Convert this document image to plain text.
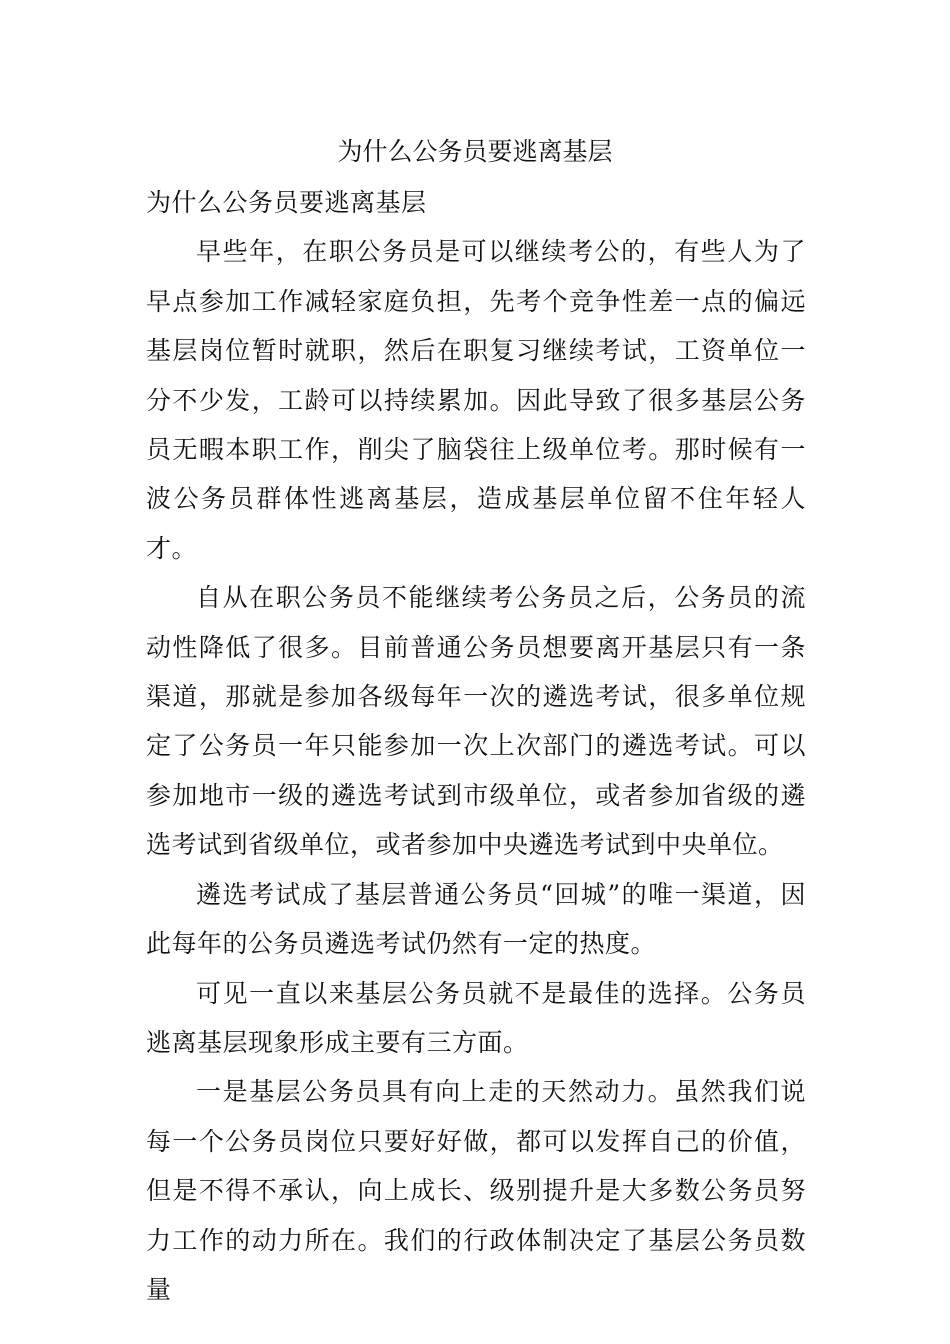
为什么公务员要逃离基层

为什么公务员要逃离基层

早些年，在职公务员是可以继续考公的，有些人为了早点参加工作减轻家庭负担，先考个竞争性差一点的偏远基层岗位暂时就职，然后在职复习继续考试，工资单位一分不少发，工龄可以持续累加。因此导致了很多基层公务员无暇本职工作，削尖了脑袋往上级单位考。那时候有一波公务员群体性逃离基层，造成基层单位留不住年轻人才。

自从在职公务员不能继续考公务员之后，公务员的流动性降低了很多。目前普通公务员想要离开基层只有一条渠道，那就是参加各级每年一次的遴选考试，很多单位规定了公务员一年只能参加一次上次部门的遴选考试。可以参加地市一级的遴选考试到市级单位，或者参加省级的遴选考试到省级单位，或者参加中央遴选考试到中央单位。

遴选考试成了基层普通公务员“回城”的唯一渠道，因此每年的公务员遴选考试仍然有一定的热度。

可见一直以来基层公务员就不是最佳的选择。公务员逃离基层现象形成主要有三方面。

一是基层公务员具有向上走的天然动力。虽然我们说每一个公务员岗位只要好好做，都可以发挥自己的价值，但是不得不承认，向上成长、级别提升是大多数公务员努力工作的动力所在。我们的行政体制决定了基层公务员数量
